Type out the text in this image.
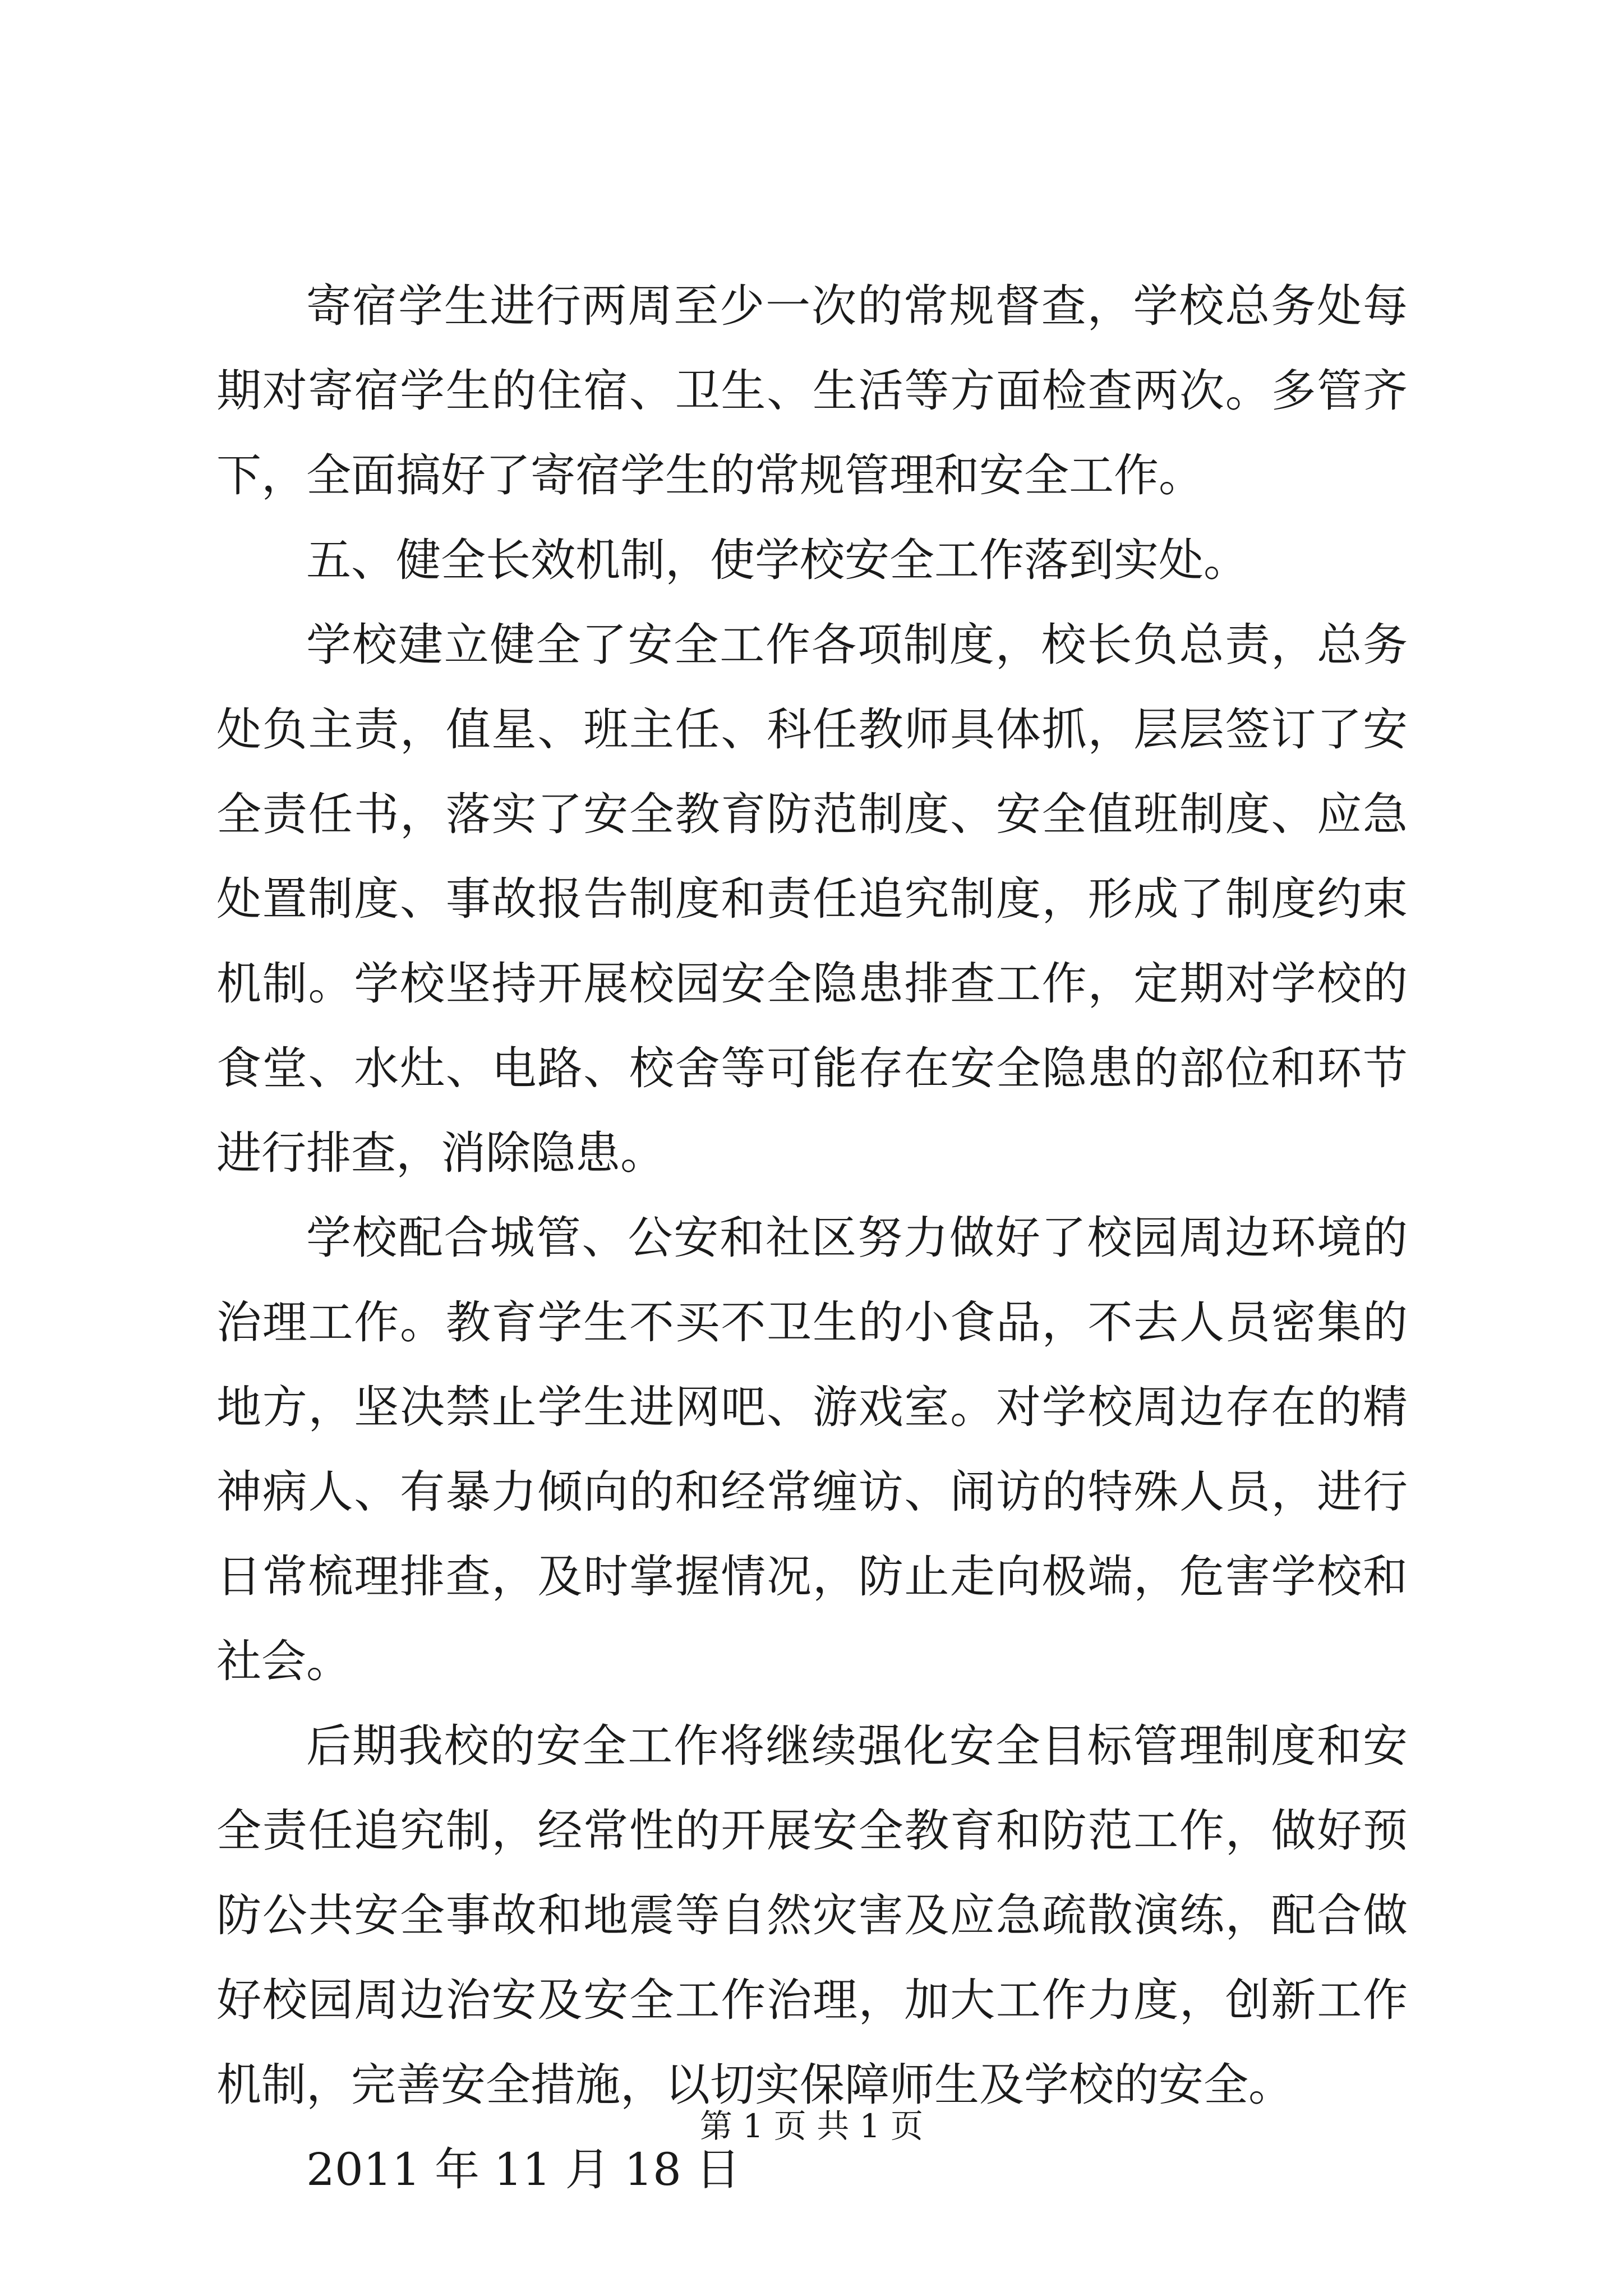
寄宿学生进行两周至少一次的常规督查，学校总务处每期对寄宿学生的住宿、卫生、生活等方面检查两次。多管齐下，全面搞好了寄宿学生的常规管理和安全工作。

五、健全长效机制，使学校安全工作落到实处。

学校建立健全了安全工作各项制度，校长负总责，总务处负主责，值星、班主任、科任教师具体抓，层层签订了安全责任书，落实了安全教育防范制度、安全值班制度、应急处置制度、事故报告制度和责任追究制度，形成了制度约束机制。学校坚持开展校园安全隐患排查工作，定期对学校的食堂、水灶、电路、校舍等可能存在安全隐患的部位和环节进行排查，消除隐患。

学校配合城管、公安和社区努力做好了校园周边环境的治理工作。教育学生不买不卫生的小食品，不去人员密集的地方，坚决禁止学生进网吧、游戏室。对学校周边存在的精神病人、有暴力倾向的和经常缠访、闹访的特殊人员，进行日常梳理排查，及时掌握情况，防止走向极端，危害学校和社会。

后期我校的安全工作将继续强化安全目标管理制度和安全责任追究制，经常性的开展安全教育和防范工作，做好预防公共安全事故和地震等自然灾害及应急疏散演练，配合做好校园周边治安及安全工作治理，加大工作力度，创新工作机制，完善安全措施，以切实保障师生及学校的安全。

2011 年 11 月 18 日

第 1 页 共 1 页
